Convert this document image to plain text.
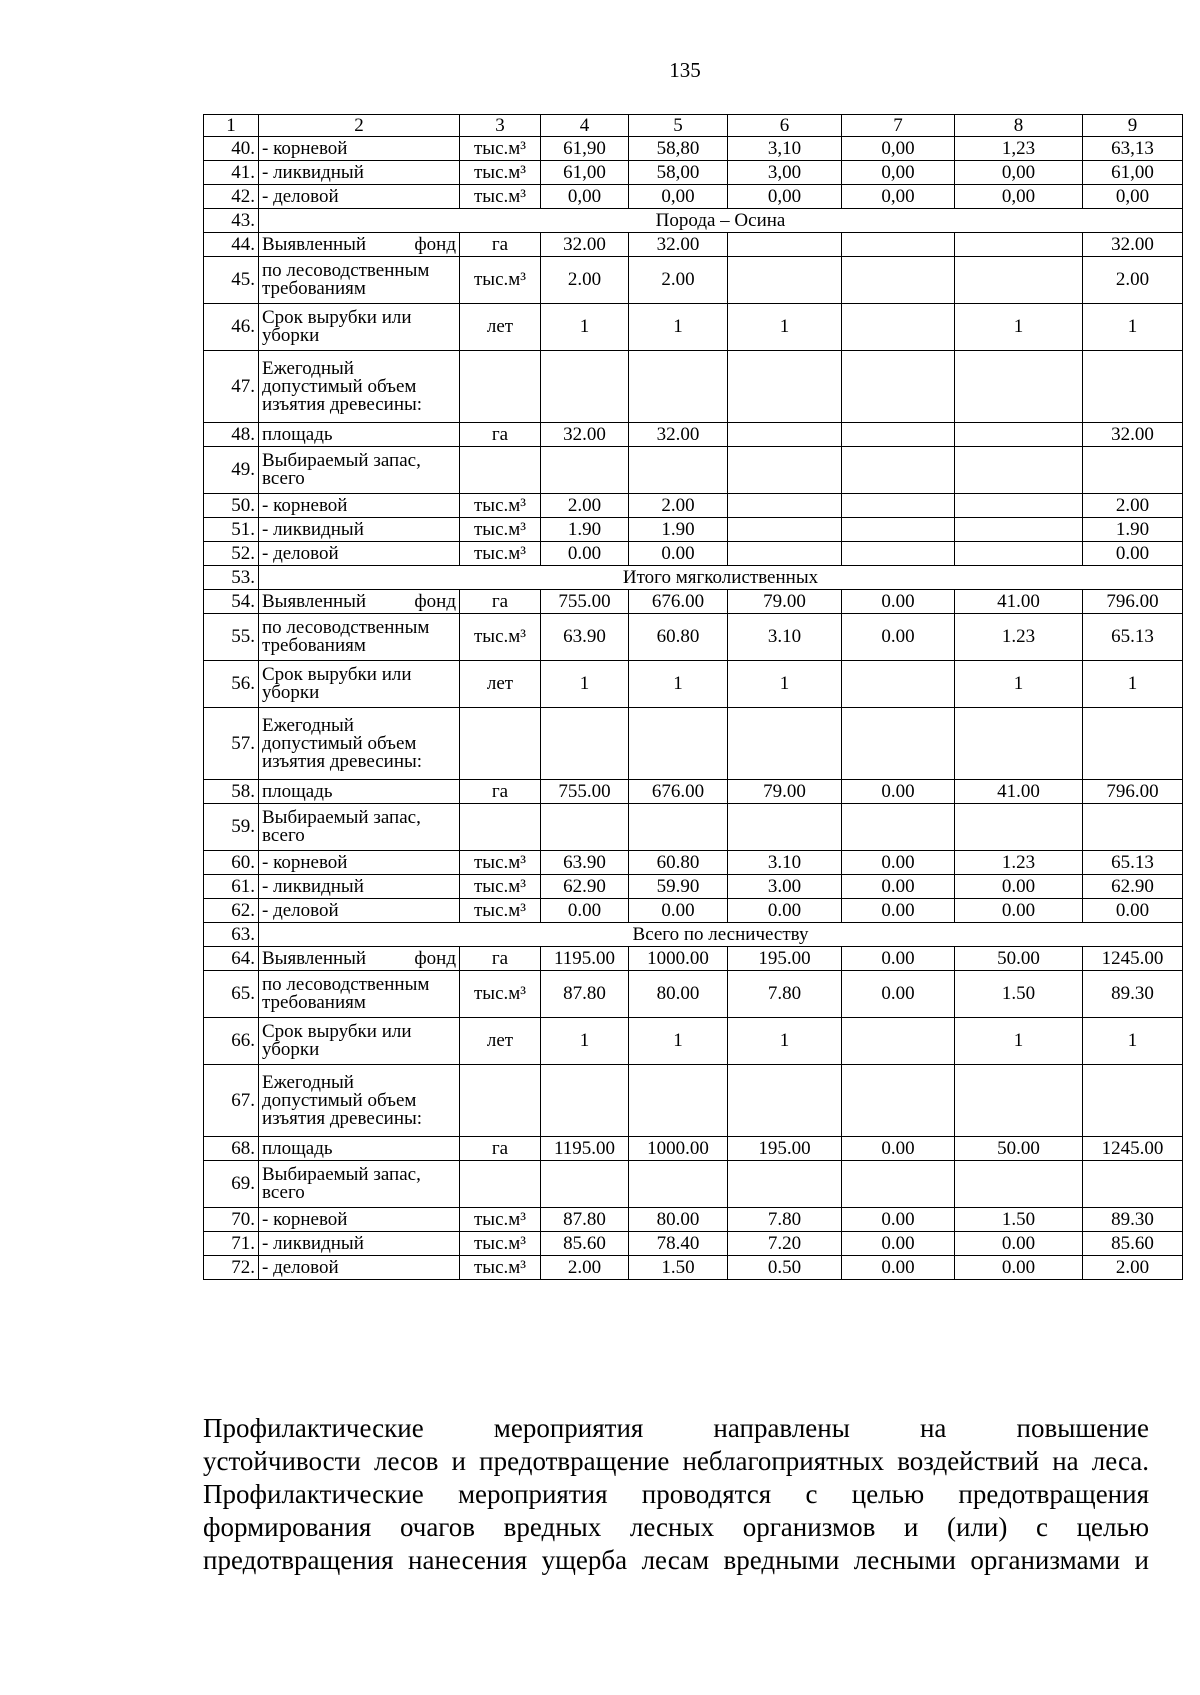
135
1	2	3	4	5	6	7	8	9
40.	- корневой	тыс.м³	61,90	58,80	3,10	0,00	1,23	63,13
41.	- ликвидный	тыс.м³	61,00	58,00	3,00	0,00	0,00	61,00
42.	- деловой	тыс.м³	0,00	0,00	0,00	0,00	0,00	0,00
43.	Порода – Осина							
44.	Выявленный фонд	га	32.00	32.00				32.00
45.	по лесоводственным требованиям	тыс.м³	2.00	2.00				2.00
46.	Срок вырубки или уборки	лет	1	1	1		1	1
47.	Ежегодный допустимый объем изъятия древесины:							
48.	площадь	га	32.00	32.00				32.00
49.	Выбираемый запас, всего							
50.	- корневой	тыс.м³	2.00	2.00				2.00
51.	- ликвидный	тыс.м³	1.90	1.90				1.90
52.	- деловой	тыс.м³	0.00	0.00				0.00
53.	Итого мягколиственных							
54.	Выявленный фонд	га	755.00	676.00	79.00	0.00	41.00	796.00
55.	по лесоводственным требованиям	тыс.м³	63.90	60.80	3.10	0.00	1.23	65.13
56.	Срок вырубки или уборки	лет	1	1	1		1	1
57.	Ежегодный допустимый объем изъятия древесины:							
58.	площадь	га	755.00	676.00	79.00	0.00	41.00	796.00
59.	Выбираемый запас, всего							
60.	- корневой	тыс.м³	63.90	60.80	3.10	0.00	1.23	65.13
61.	- ликвидный	тыс.м³	62.90	59.90	3.00	0.00	0.00	62.90
62.	- деловой	тыс.м³	0.00	0.00	0.00	0.00	0.00	0.00
63.	Всего по лесничеству							
64.	Выявленный фонд	га	1195.00	1000.00	195.00	0.00	50.00	1245.00
65.	по лесоводственным требованиям	тыс.м³	87.80	80.00	7.80	0.00	1.50	89.30
66.	Срок вырубки или уборки	лет	1	1	1		1	1
67.	Ежегодный допустимый объем изъятия древесины:							
68.	площадь	га	1195.00	1000.00	195.00	0.00	50.00	1245.00
69.	Выбираемый запас, всего							
70.	- корневой	тыс.м³	87.80	80.00	7.80	0.00	1.50	89.30
71.	- ликвидный	тыс.м³	85.60	78.40	7.20	0.00	0.00	85.60
72.	- деловой	тыс.м³	2.00	1.50	0.50	0.00	0.00	2.00

Профилактические мероприятия направлены на повышение

устойчивости лесов и предотвращение неблагоприятных воздействий на леса.

Профилактические мероприятия проводятся с целью предотвращения

формирования очагов вредных лесных организмов и (или) с целью

предотвращения нанесения ущерба лесам вредными лесными организмами и
